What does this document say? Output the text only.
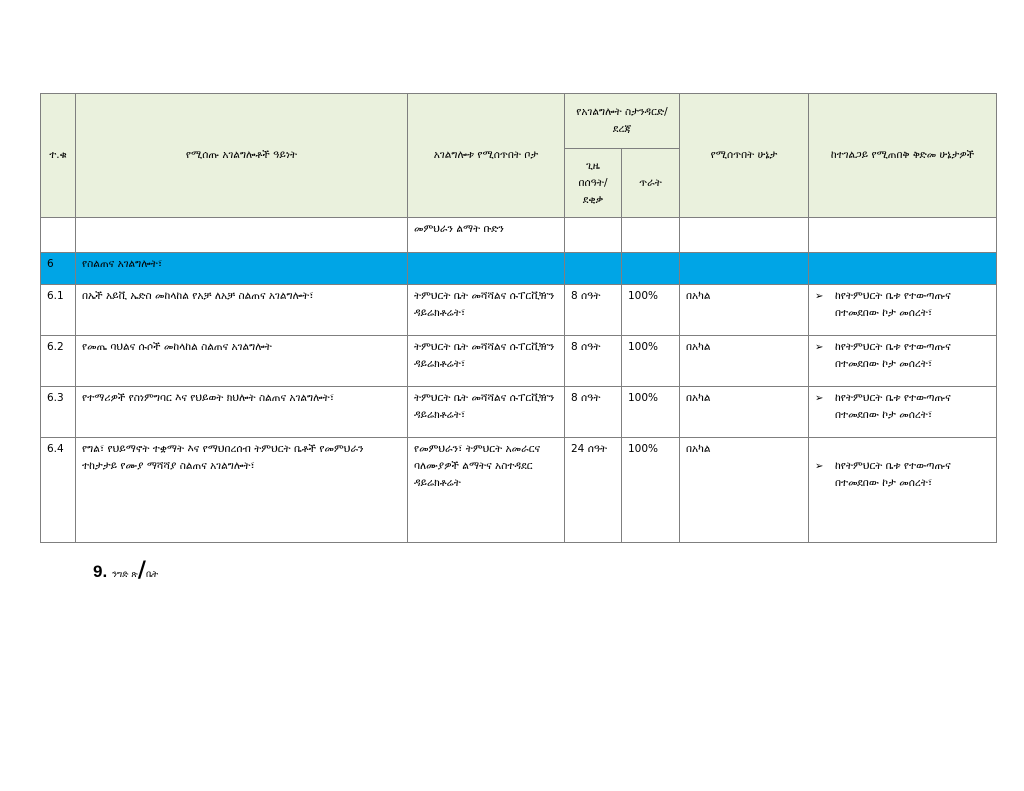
ተ.ቁ	የሚሰጡ አገልግሎቶች ዓይነት	አገልግሎቱ የሚሰጥበት ቦታ	የአገልግሎት ስታንዳርድ/ደረጃ		የሚሰጥበት ሁኔታ	ከተገልጋይ የሚጠበቅ ቅድመ ሁኔታዎች
			ጊዜ በሰዓት/ደቂቃ	ጥራት		
		መምህራን ልማት ቡድን				
6	የስልጠና አገልግሎት፣					
6.1	በኤች አይቪ ኤድስ መከላከል የአቻ ለአቻ ስልጠና አገልግሎት፣	ትምህርት ቤት መሻሻልና ሱፐርቪዥን ዳይሬክቶሬት፣	8 ሰዓት	100%	በአካል	➢ ከየትምህርት ቤቱ የተውጣጡና በተመደበው ኮታ መሰረት፣

6.2	የመጤ ባህልና ሱሶች መከላከል ስልጠና አገልግሎት	ትምህርት ቤት መሻሻልና ሱፐርቪዥን ዳይሬክቶሬት፣	8 ሰዓት	100%	በአካል	➢ ከየትምህርት ቤቱ የተውጣጡና በተመደበው ኮታ መሰረት፣

6.3	የተማሪዎች የስነምግባር እና የህይወት ክህሎት ስልጠና አገልግሎት፣	ትምህርት ቤት መሻሻልና ሱፐርቪዥን ዳይሬክቶሬት፣	8 ሰዓት	100%	በአካል	➢ ከየትምህርት ቤቱ የተውጣጡና በተመደበው ኮታ መሰረት፣

6.4	የግል፣ የህይማኖት ተቋማት እና የማህበረሰብ ትምህርት ቤቶች የመምህራን ተከታታይ የሙያ ማሻሻያ ስልጠና አገልግሎት፣	የመምህራን፣ ትምህርት አመራርና ባለሙያዎች ልማትና አስተዳደር ዳይሬክቶሬት	24 ሰዓት	100%	በአካል	➢ ከየትምህርት ቤቱ የተውጣጡና በተመደበው ኮታ መሰረት፣
9. ንግድ ጽ/ቤት
